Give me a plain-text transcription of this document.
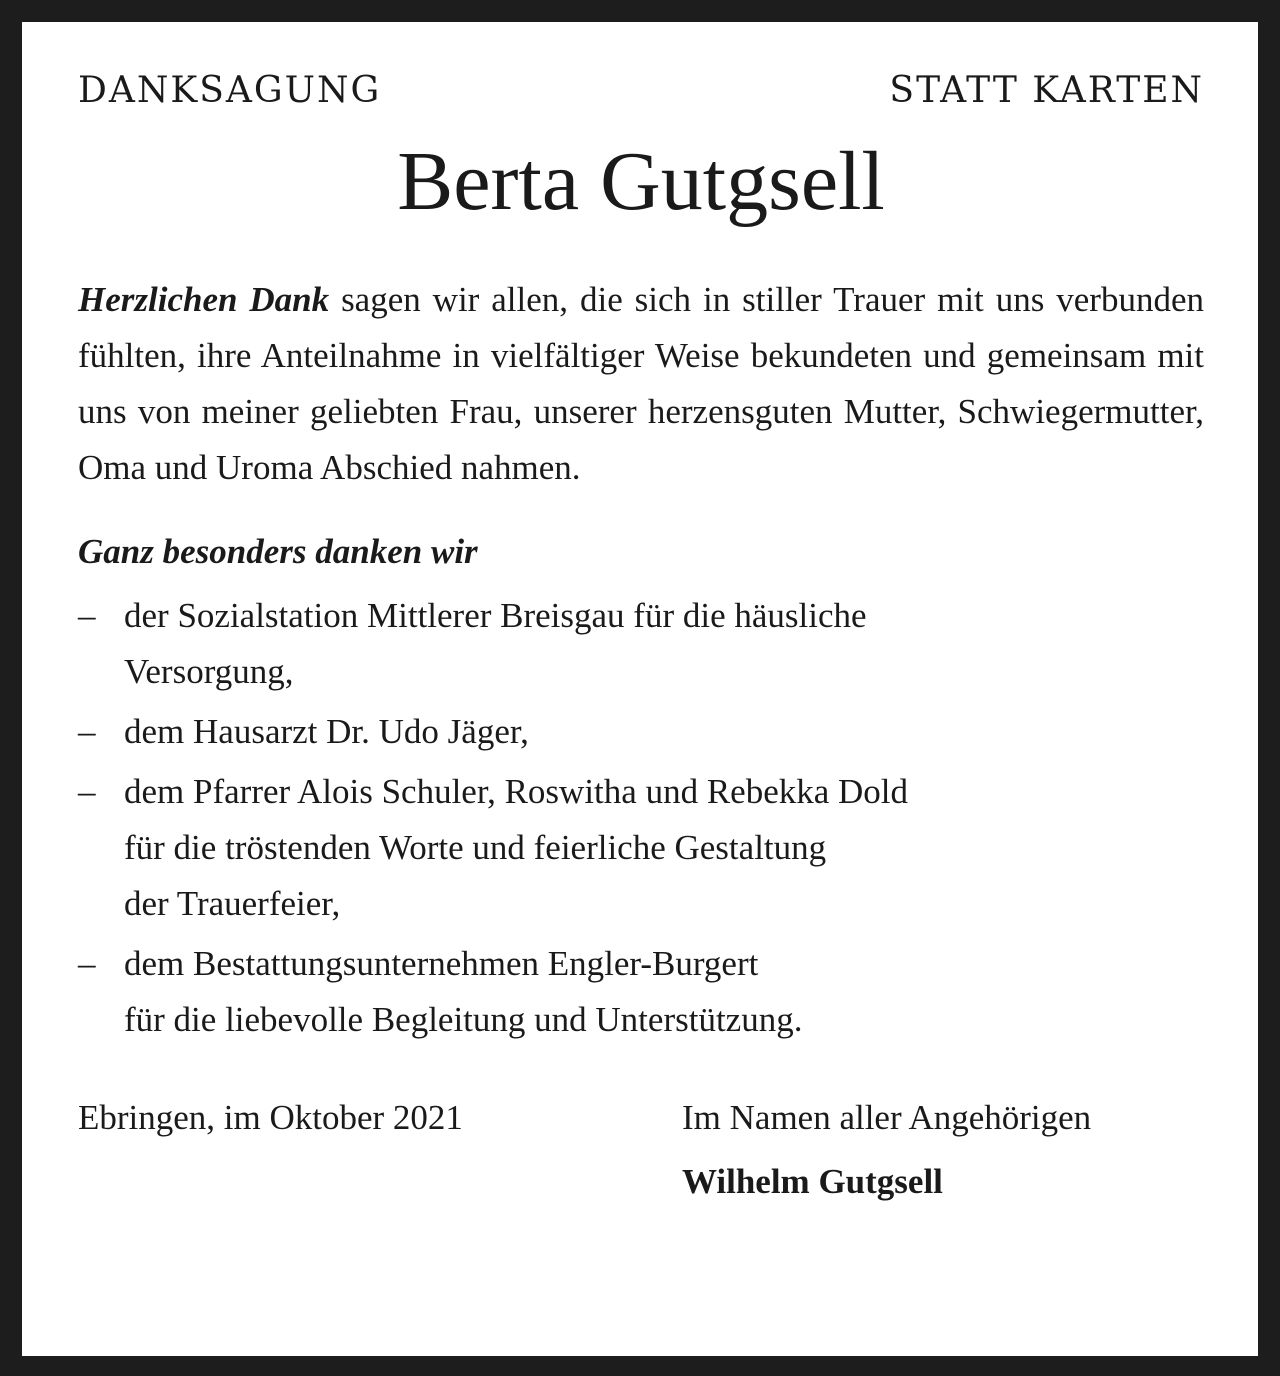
DANKSAGUNG	STATT KARTEN
Berta Gutgsell
Herzlichen Dank sagen wir allen, die sich in stiller Trauer mit uns verbunden fühlten, ihre Anteilnahme in vielfältiger Weise bekundeten und gemeinsam mit uns von meiner geliebten Frau, unserer herzensguten Mutter, Schwiegermutter, Oma und Uroma Abschied nahmen.
Ganz besonders danken wir
– der Sozialstation Mittlerer Breisgau für die häusliche
Versorgung,
– dem Hausarzt Dr. Udo Jäger,
– dem Pfarrer Alois Schuler, Roswitha und Rebekka Dold
für die tröstenden Worte und feierliche Gestaltung
der Trauerfeier,
– dem Bestattungsunternehmen Engler-Burgert
für die liebevolle Begleitung und Unterstützung.
Ebringen, im Oktober 2021	Im Namen aller Angehörigen
Wilhelm Gutgsell
